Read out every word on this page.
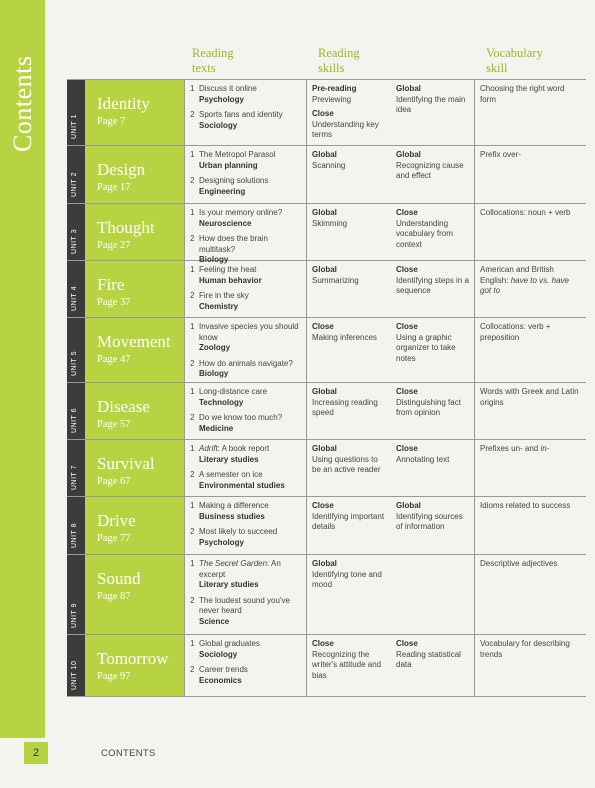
Contents
Reading
texts
Reading
skills
Vocabulary
skill
UNIT 1
Identity
Page 7
1 Discuss it online
Psychology
2 Sports fans and identity
Sociology
Pre-reading
Previewing
Close
Understanding key terms
Global
Identifying the main idea
Choosing the right word form
UNIT 2
Design
Page 17
1 The Metropol Parasol
Urban planning
2 Designing solutions
Engineering
Global
Scanning
Global
Recognizing cause and effect
Prefix over-
UNIT 3
Thought
Page 27
1 Is your memory online?
Neuroscience
2 How does the brain multitask?
Biology
Global
Skimming
Close
Understanding vocabulary from context
Collocations: noun + verb
UNIT 4
Fire
Page 37
1 Feeling the heat
Human behavior
2 Fire in the sky
Chemistry
Global
Summarizing
Close
Identifying steps in a sequence
American and British English: have to vs. have got to
UNIT 5
Movement
Page 47
1 Invasive species you should know
Zoology
2 How do animals navigate?
Biology
Close
Making inferences
Close
Using a graphic organizer to take notes
Collocations: verb + preposition
UNIT 6
Disease
Page 57
1 Long-distance care
Technology
2 Do we know too much?
Medicine
Global
Increasing reading speed
Close
Distinguishing fact from opinion
Words with Greek and Latin origins
UNIT 7
Survival
Page 67
1 Adrift: A book report
Literary studies
2 A semester on ice
Environmental studies
Global
Using questions to be an active reader
Close
Annotating text
Prefixes un- and in-
UNIT 8
Drive
Page 77
1 Making a difference
Business studies
2 Most likely to succeed
Psychology
Close
Identifying important details
Global
Identifying sources of information
Idioms related to success
UNIT 9
Sound
Page 87
1 The Secret Garden: An excerpt
Literary studies
2 The loudest sound you've never heard
Science
Global
Identifying tone and mood
Descriptive adjectives
UNIT 10
Tomorrow
Page 97
1 Global graduates
Sociology
2 Career trends
Economics
Close
Recognizing the writer's attitude and bias
Close
Reading statistical data
Vocabulary for describing trends
2	CONTENTS
